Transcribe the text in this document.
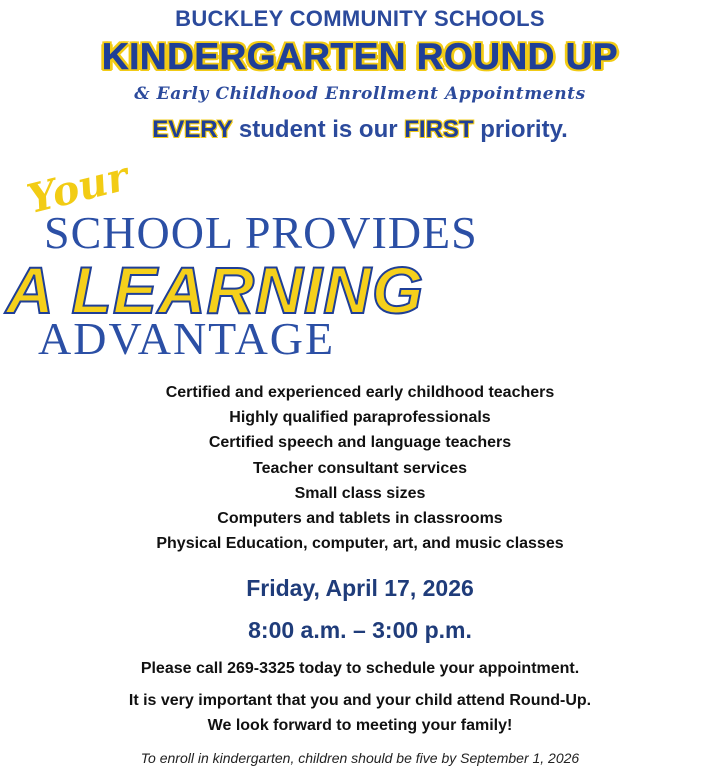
BUCKLEY COMMUNITY SCHOOLS
KINDERGARTEN ROUND UP
& Early Childhood Enrollment Appointments
EVERY student is our FIRST priority.
Your
SCHOOL PROVIDES
A LEARNING
ADVANTAGE
Certified and experienced early childhood teachers
Highly qualified paraprofessionals
Certified speech and language teachers
Teacher consultant services
Small class sizes
Computers and tablets in classrooms
Physical Education, computer, art, and music classes
Friday, April 17, 2026
8:00 a.m. – 3:00 p.m.
Please call 269-3325 today to schedule your appointment.
It is very important that you and your child attend Round-Up.
We look forward to meeting your family!
To enroll in kindergarten, children should be five by September 1, 2026
